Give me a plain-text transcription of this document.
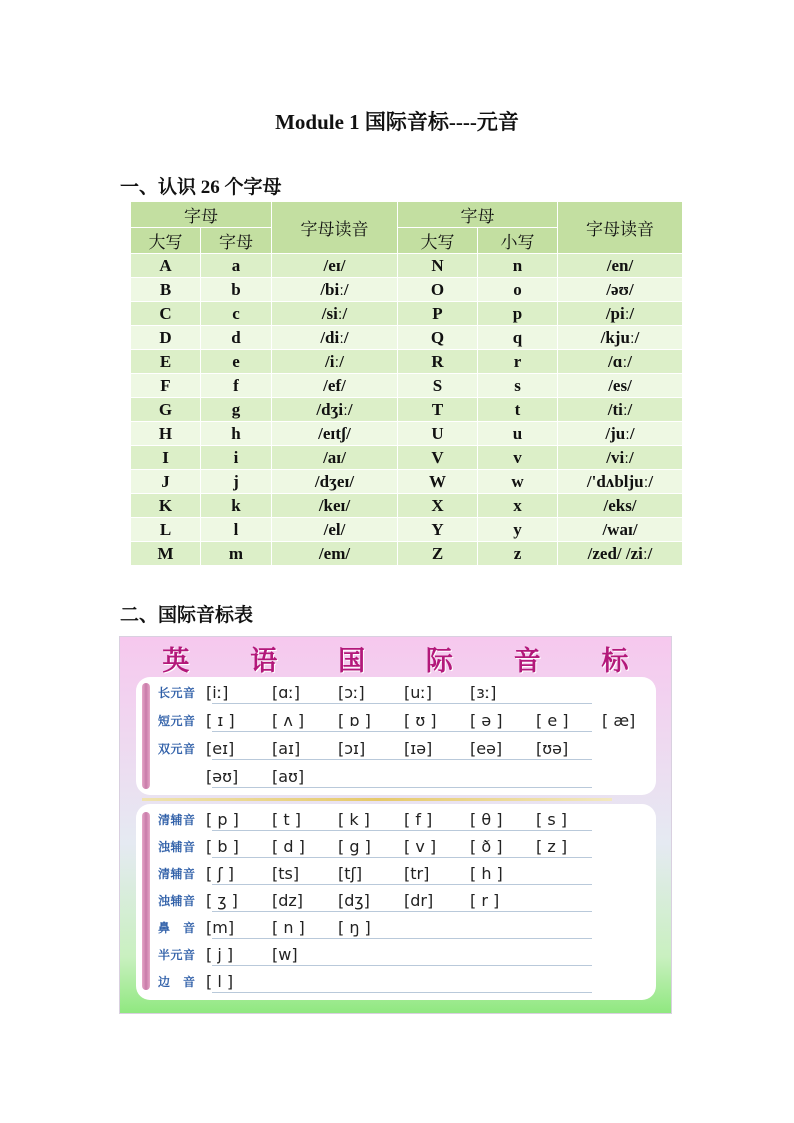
Module 1 国际音标----元音
一、认识 26 个字母
字母		字母读音	字母		字母读音
大写	字母		大写	小写	
A	a	/eɪ/	N	n	/en/
B	b	/biː/	O	o	/əʊ/
C	c	/siː/	P	p	/piː/
D	d	/diː/	Q	q	/kjuː/
E	e	/iː/	R	r	/ɑː/
F	f	/ef/	S	s	/es/
G	g	/dʒiː/	T	t	/tiː/
H	h	/eɪtʃ/	U	u	/juː/
I	i	/aɪ/	V	v	/viː/
J	j	/dʒeɪ/	W	w	/'dʌbljuː/
K	k	/keɪ/	X	x	/eks/
L	l	/el/	Y	y	/waɪ/
M	m	/em/	Z	z	/zed/ /ziː/
二、国际音标表
英 语 国 际 音 标
长元音 [iː]	[ɑː]	[ɔː]	[uː]	[ɜː]
短元音 [ ɪ ]	[ ʌ ]	[ ɒ ]	[ ʊ ]	[ ə ]	[ e ]	[ æ]
双元音 [eɪ]	[aɪ]	[ɔɪ]	[ɪə]	[eə]	[ʊə]
[əʊ]	[aʊ]
清辅音 [ p ]	[ t ]	[ k ]	[ f ]	[ θ ]	[ s ]
浊辅音 [ b ]	[ d ]	[ g ]	[ v ]	[ ð ]	[ z ]
清辅音 [ ʃ ]	[ts]	[tʃ]	[tr]	[ h ]
浊辅音 [ ʒ ]	[dz]	[dʒ]	[dr]	[ r ]
鼻　音 [m]	[ n ]	[ ŋ ]
半元音 [ j ]	[w]
边　音 [ l ]
